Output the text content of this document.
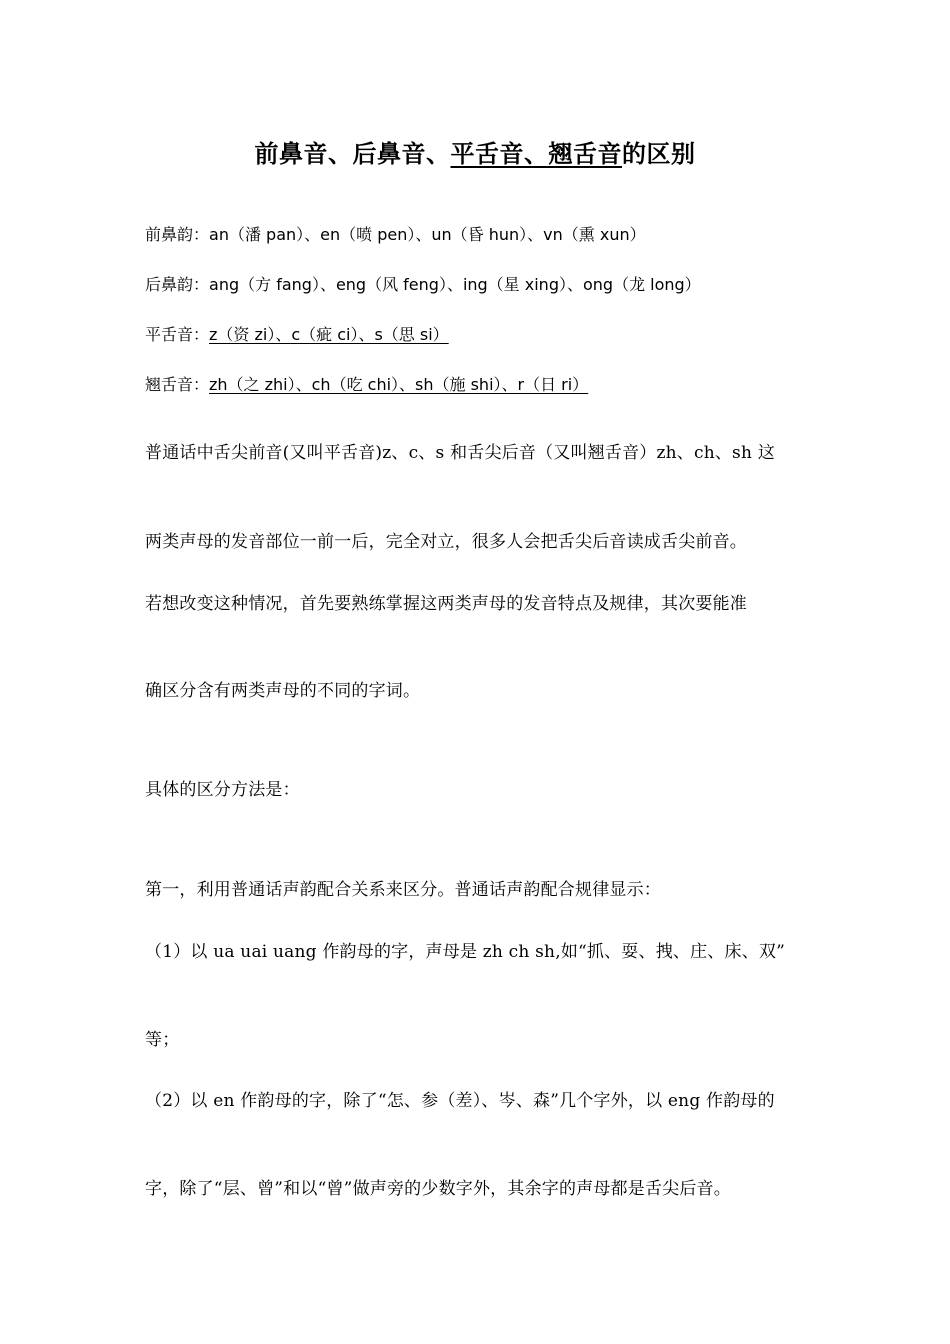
前鼻音、后鼻音、平舌音、翘舌音的区别
前鼻韵：an（潘 pan）、en（喷 pen）、un（昏 hun）、vn（熏 xun）
后鼻韵：ang（方 fang）、eng（风 feng）、ing（星 xing）、ong（龙 long）
平舌音：z（资 zi）、c（疵 ci）、s（思 si）
翘舌音：zh（之 zhi）、ch（吃 chi）、sh（施 shi）、r（日 ri）
普通话中舌尖前音(又叫平舌音)z、c、s 和舌尖后音（又叫翘舌音）zh、ch、sh 这
两类声母的发音部位一前一后，完全对立，很多人会把舌尖后音读成舌尖前音。
若想改变这种情况，首先要熟练掌握这两类声母的发音特点及规律，其次要能准
确区分含有两类声母的不同的字词。
具体的区分方法是：
第一，利用普通话声韵配合关系来区分。普通话声韵配合规律显示：
（1）以 ua uai uang 作韵母的字，声母是 zh ch sh,如“抓、耍、拽、庄、床、双”
等；
（2）以 en 作韵母的字，除了“怎、参（差）、岑、森”几个字外，以 eng 作韵母的
字，除了“层、曾”和以“曾”做声旁的少数字外，其余字的声母都是舌尖后音。
